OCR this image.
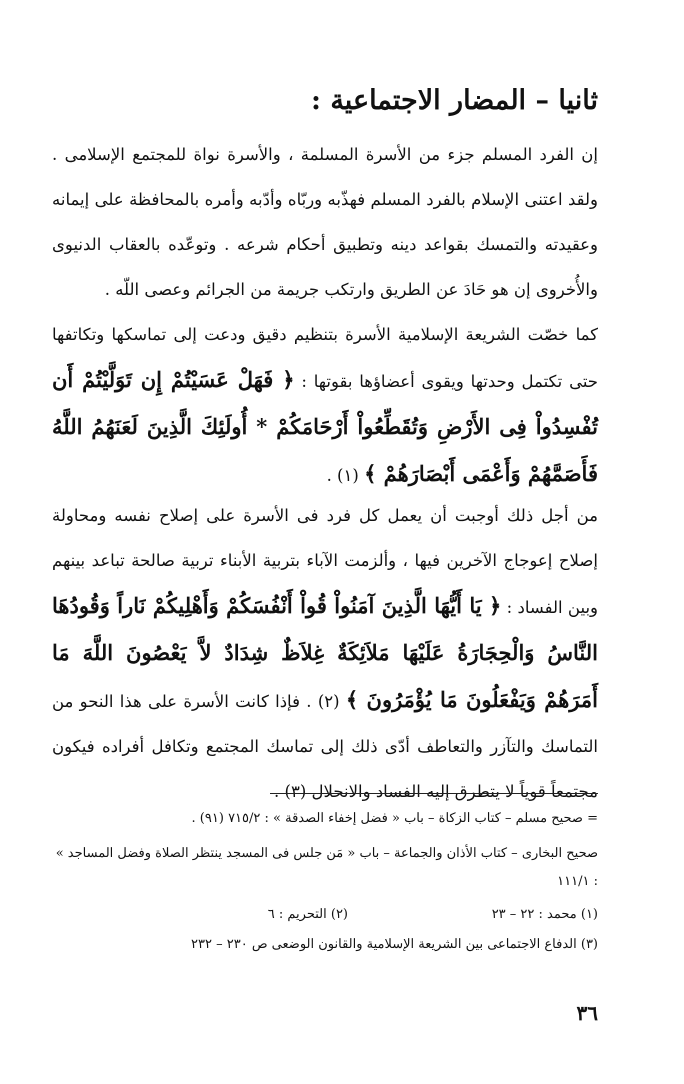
ثانيا – المضار الاجتماعية :
إن الفرد المسلم جزء من الأسرة المسلمة ، والأسرة نواة للمجتمع الإسلامى . ولقد اعتنى الإسلام بالفرد المسلم فهذّبه وربّاه وأدّبه وأمره بالمحافظة على إيمانه وعقيدته والتمسك بقواعد دينه وتطبيق أحكام شرعه . وتوعّده بالعقاب الدنيوى والأُخروى إن هو حَادَ عن الطريق وارتكب جريمة من الجرائم وعصى اللّه .
كما خصّت الشريعة الإسلامية الأسرة بتنظيم دقيق ودعت إلى تماسكها وتكاتفها حتى تكتمل وحدتها ويقوى أعضاؤها بقوتها : ﴿ فَهَلْ عَسَيْتُمْ إِن تَوَلَّيْتُمْ أَن تُفْسِدُواْ فِى الأَرْضِ وَتُقَطِّعُواْ أَرْحَامَكُمْ * أُولَئِكَ الَّذِينَ لَعَنَهُمُ اللَّهُ فَأَصَمَّهُمْ وَأَعْمَى أَبْصَارَهُمْ ﴾ (١) .
من أجل ذلك أوجبت أن يعمل كل فرد فى الأسرة على إصلاح نفسه ومحاولة إصلاح إعوجاج الآخرين فيها ، وألزمت الآباء بتربية الأبناء تربية صالحة تباعد بينهم وبين الفساد : ﴿ يَا أَيُّهَا الَّذِينَ آمَنُواْ قُواْ أَنْفُسَكُمْ وَأَهْلِيكُمْ نَاراً وَقُودُهَا النَّاسُ وَالْحِجَارَةُ عَلَيْهَا مَلاَئِكَةٌ غِلاَظٌ شِدَادٌ لاَّ يَعْصُونَ اللَّهَ مَا أَمَرَهُمْ وَيَفْعَلُونَ مَا يُؤْمَرُونَ ﴾ (٢) . فإذا كانت الأسرة على هذا النحو من التماسك والتآزر والتعاطف أدّى ذلك إلى تماسك المجتمع وتكافل أفراده فيكون مجتمعاً قوياً لا يتطرق إليه الفساد والانحلال (٣) .
= صحيح مسلم – كتاب الزكاة – باب « فضل إخفاء الصدقة » : ٧١٥/٢ (٩١) .
صحيح البخارى – كتاب الأذان والجماعة – باب « مَن جلس فى المسجد ينتظر الصلاة وفضل المساجد » : ١١١/١
(١) محمد : ٢٢ – ٢٣
(٢) التحريم : ٦
(٣) الدفاع الاجتماعى بين الشريعة الإسلامية والقانون الوضعى ص ٢٣٠ – ٢٣٢
٣٦
